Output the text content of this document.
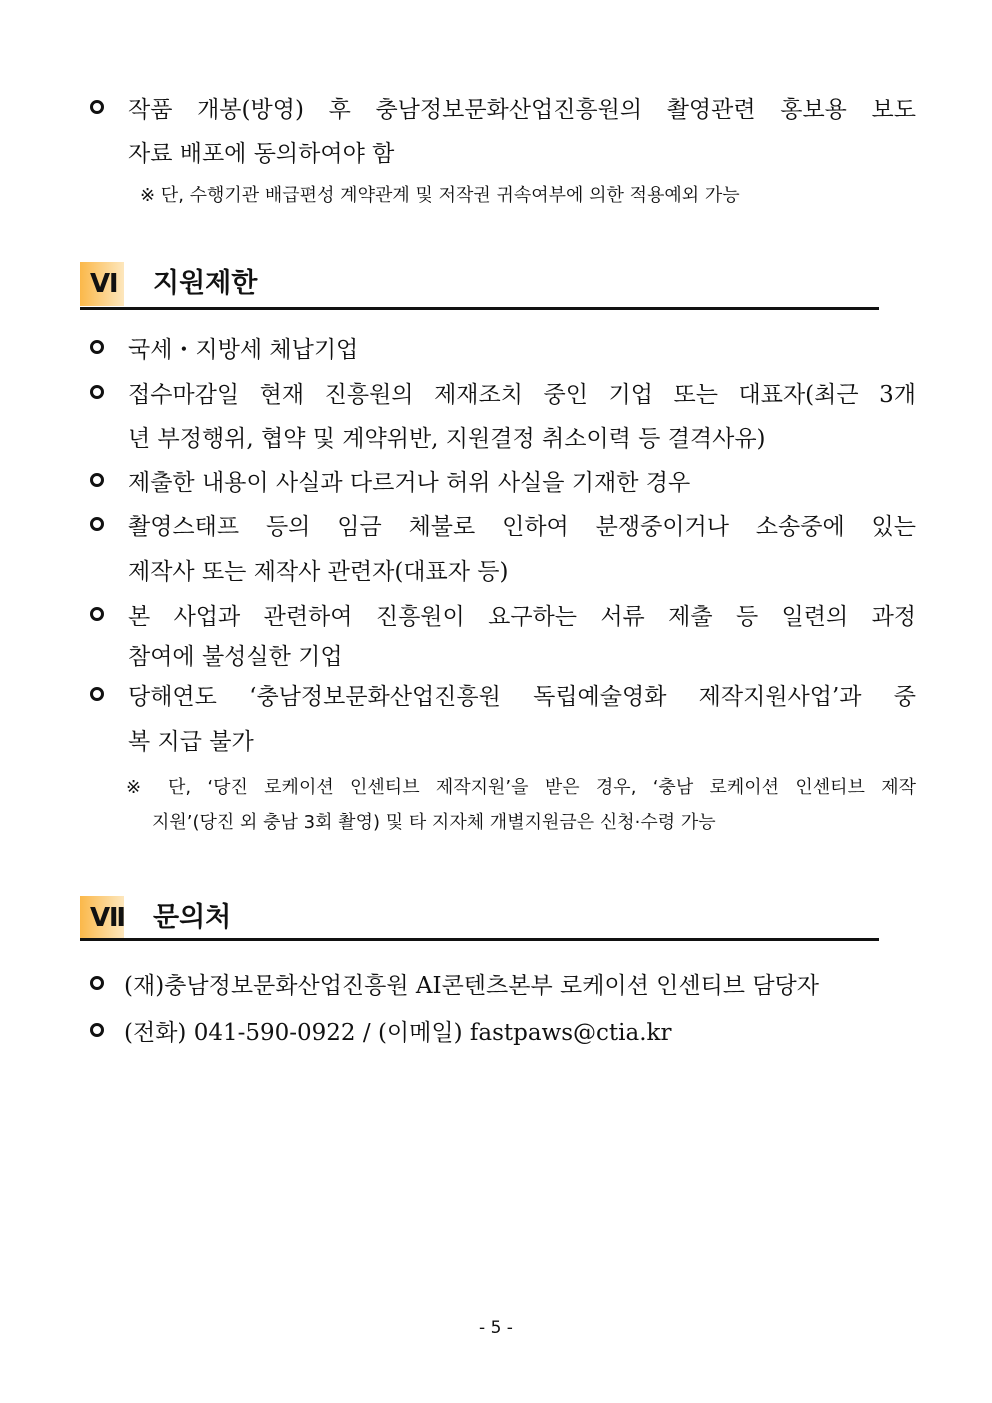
작품 개봉(방영) 후 충남정보문화산업진흥원의 촬영관련 홍보용 보도
자료 배포에 동의하여야 함
※ 단, 수행기관 배급편성 계약관계 및 저작권 귀속여부에 의한 적용예외 가능
Ⅵ 지원제한
국세・지방세 체납기업
접수마감일 현재 진흥원의 제재조치 중인 기업 또는 대표자(최근 3개
년 부정행위, 협약 및 계약위반, 지원결정 취소이력 등 결격사유)
제출한 내용이 사실과 다르거나 허위 사실을 기재한 경우
촬영스태프 등의 임금 체불로 인하여 분쟁중이거나 소송중에 있는
제작사 또는 제작사 관련자(대표자 등)
본 사업과 관련하여 진흥원이 요구하는 서류 제출 등 일련의 과정
참여에 불성실한 기업
당해연도 ‘충남정보문화산업진흥원 독립예술영화 제작지원사업’과 중
복 지급 불가
※ 단, ‘당진 로케이션 인센티브 제작지원’을 받은 경우, ‘충남 로케이션 인센티브 제작
지원’(당진 외 충남 3회 촬영) 및 타 지자체 개별지원금은 신청·수령 가능
Ⅶ 문의처
(재)충남정보문화산업진흥원 AI콘텐츠본부 로케이션 인센티브 담당자
(전화) 041-590-0922 / (이메일) fastpaws@ctia.kr
- 5 -
